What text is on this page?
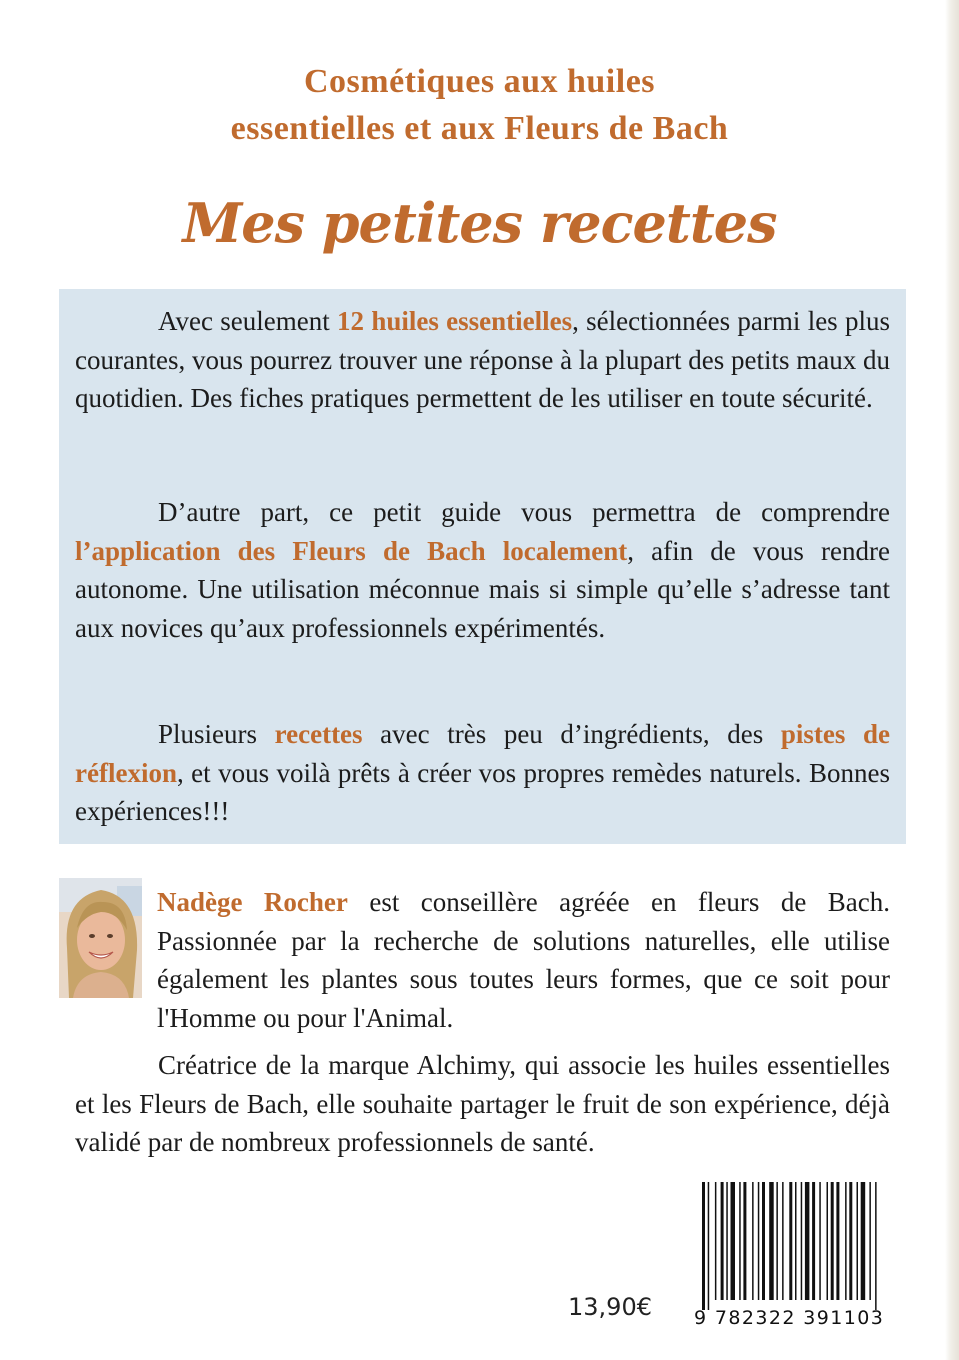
Cosmétiques aux huiles
essentielles et aux Fleurs de Bach
Mes petites recettes
Avec seulement 12 huiles essentielles, sélectionnées parmi les plus courantes, vous pourrez trouver une réponse à la plupart des petits maux du quotidien. Des fiches pratiques permettent de les utiliser en toute sécurité.
D’autre part, ce petit guide vous permettra de comprendre l’application des Fleurs de Bach localement, afin de vous rendre autonome. Une utilisation méconnue mais si simple qu’elle s’adresse tant aux novices qu’aux professionnels expérimentés.
Plusieurs recettes avec très peu d’ingrédients, des pistes de réflexion, et vous voilà prêts à créer vos propres remèdes naturels. Bonnes expériences!!!
Nadège Rocher est conseillère agréée en fleurs de Bach. Passionnée par la recherche de solutions naturelles, elle utilise également les plantes sous toutes leurs formes, que ce soit pour l'Homme ou pour l'Animal.
Créatrice de la marque Alchimy, qui associe les huiles essentielles et les Fleurs de Bach, elle souhaite partager le fruit de son expérience, déjà validé par de nombreux professionnels de santé.
13,90€ 9 782322 391103
